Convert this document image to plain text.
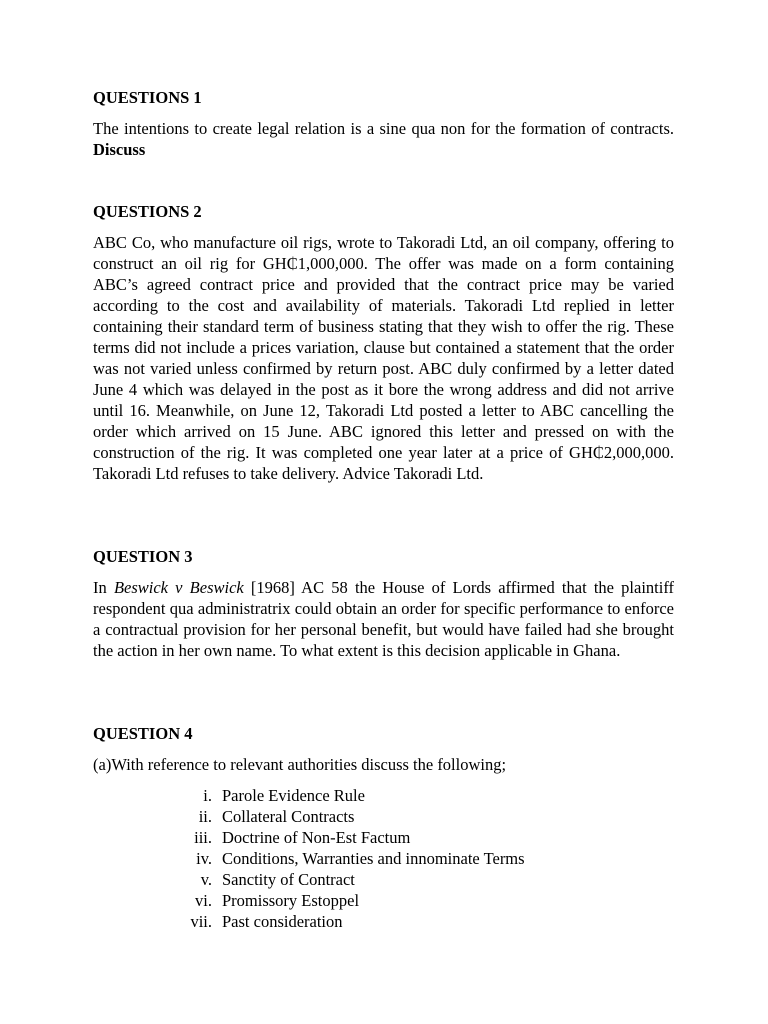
QUESTIONS 1
The intentions to create legal relation is a sine qua non for the formation of contracts. Discuss
QUESTIONS 2
ABC Co, who manufacture oil rigs, wrote to Takoradi Ltd, an oil company, offering to construct an oil rig for GH₵1,000,000. The offer was made on a form containing ABC’s agreed contract price and provided that the contract price may be varied according to the cost and availability of materials. Takoradi Ltd replied in letter containing their standard term of business stating that they wish to offer the rig. These terms did not include a prices variation, clause but contained a statement that the order was not varied unless confirmed by return post. ABC duly confirmed by a letter dated June 4 which was delayed in the post as it bore the wrong address and did not arrive until 16. Meanwhile, on June 12, Takoradi Ltd posted a letter to ABC cancelling the order which arrived on 15 June. ABC ignored this letter and pressed on with the construction of the rig. It was completed one year later at a price of GH₵2,000,000. Takoradi Ltd refuses to take delivery. Advice Takoradi Ltd.
QUESTION 3
In Beswick v Beswick [1968] AC 58 the House of Lords affirmed that the plaintiff respondent qua administratrix could obtain an order for specific performance to enforce a contractual provision for her personal benefit, but would have failed had she brought the action in her own name. To what extent is this decision applicable in Ghana.
QUESTION 4
(a)With reference to relevant authorities discuss the following;
i. Parole Evidence Rule
ii. Collateral Contracts
iii. Doctrine of Non-Est Factum
iv. Conditions, Warranties and innominate Terms
v. Sanctity of Contract
vi. Promissory Estoppel
vii. Past consideration
